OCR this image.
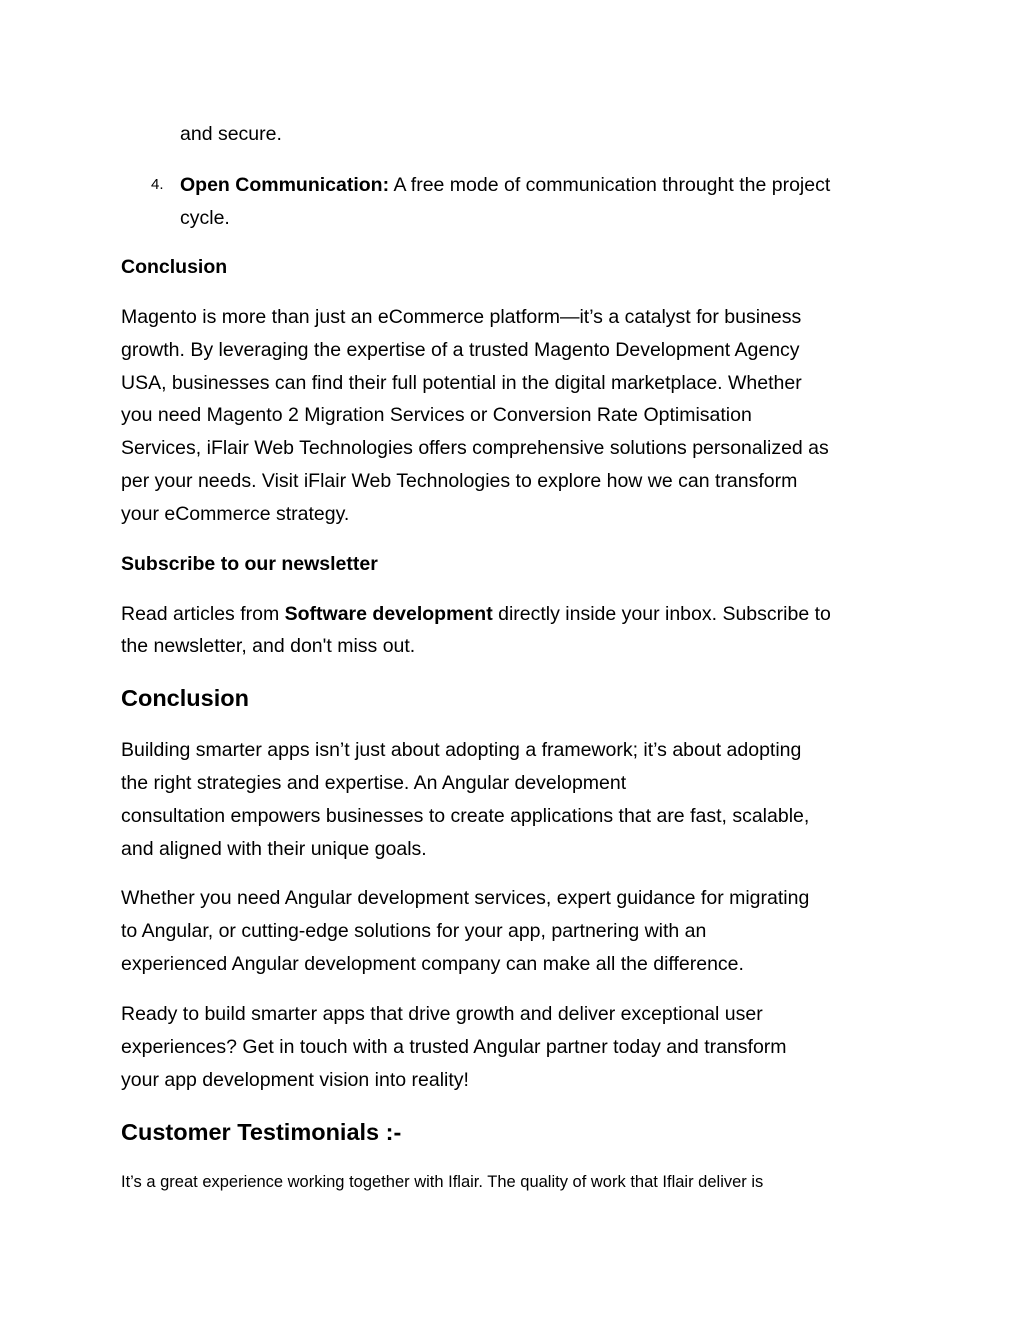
and secure.
4. Open Communication: A free mode of communication throught the project
cycle.
Conclusion
Magento is more than just an eCommerce platform—it’s a catalyst for business
growth. By leveraging the expertise of a trusted Magento Development Agency
USA, businesses can find their full potential in the digital marketplace. Whether
you need Magento 2 Migration Services or Conversion Rate Optimisation
Services, iFlair Web Technologies offers comprehensive solutions personalized as
per your needs. Visit iFlair Web Technologies to explore how we can transform
your eCommerce strategy.
Subscribe to our newsletter
Read articles from Software development directly inside your inbox. Subscribe to
the newsletter, and don't miss out.
Conclusion
Building smarter apps isn’t just about adopting a framework; it’s about adopting
the right strategies and expertise. An Angular development
consultation empowers businesses to create applications that are fast, scalable,
and aligned with their unique goals.
Whether you need Angular development services, expert guidance for migrating
to Angular, or cutting-edge solutions for your app, partnering with an
experienced Angular development company can make all the difference.
Ready to build smarter apps that drive growth and deliver exceptional user
experiences? Get in touch with a trusted Angular partner today and transform
your app development vision into reality!
Customer Testimonials :-
It’s a great experience working together with Iflair. The quality of work that Iflair deliver is
